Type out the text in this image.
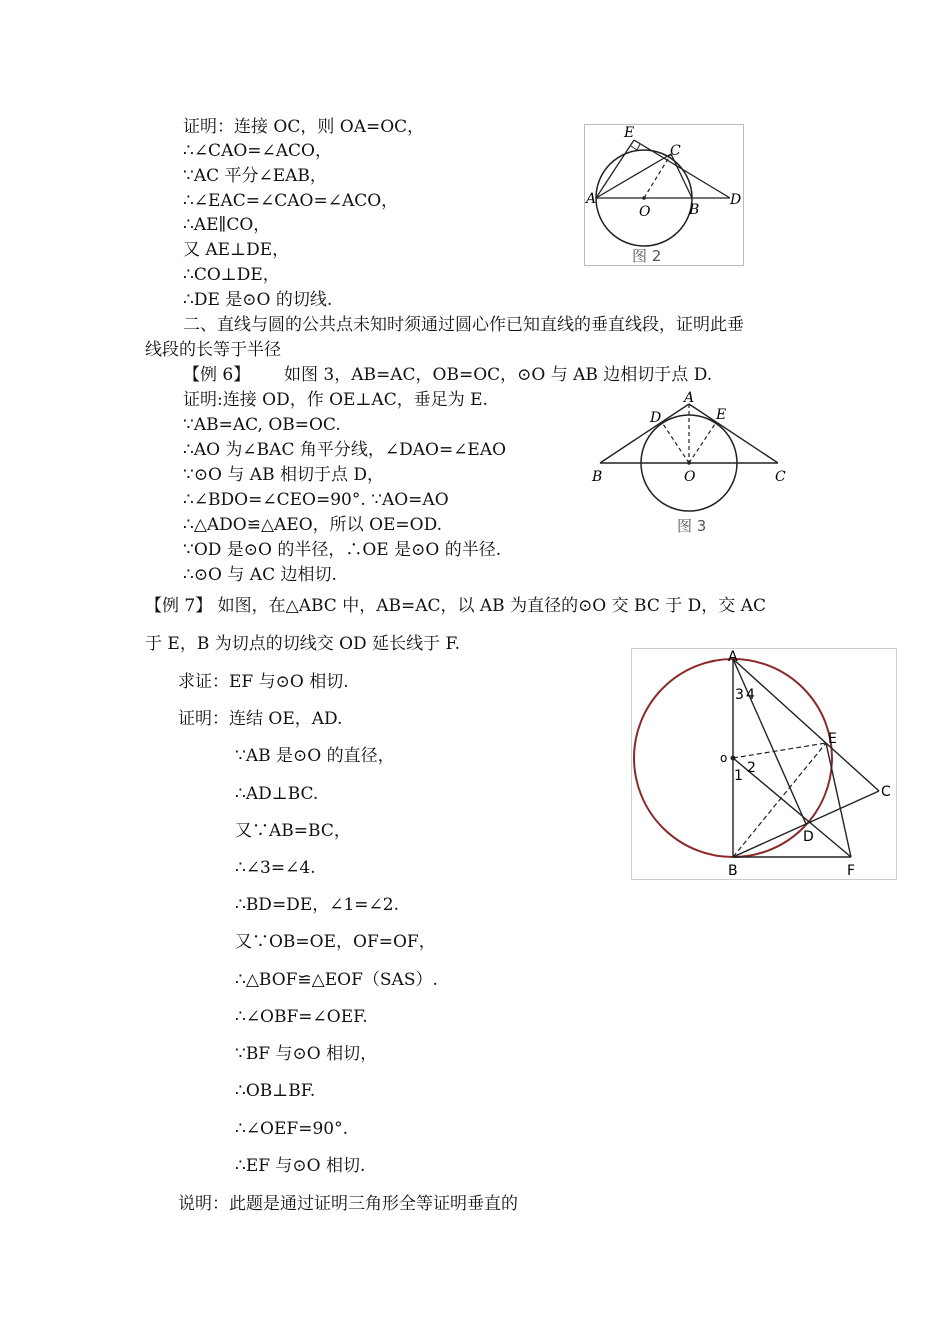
证明：连接 OC，则 OA=OC，
∴∠CAO=∠ACO，
∵AC 平分∠EAB，
∴∠EAC=∠CAO=∠ACO，
∴AE∥CO，
又 AE⊥DE，
∴CO⊥DE，
∴DE 是⊙O 的切线.
二、直线与圆的公共点未知时须通过圆心作已知直线的垂直线段，证明此垂
线段的长等于半径
E
C
A
O	B
D
图 2
【例 6】 如图 3，AB=AC，OB=OC，⊙O 与 AB 边相切于点 D.
证明:连接 OD，作 OE⊥AC，垂足为 E.
∵AB=AC, OB=OC.
∴AO 为∠BAC 角平分线，∠DAO=∠EAO
∵⊙O 与 AB 相切于点 D，
∴∠BDO=∠CEO=90°. ∵AO=AO
∴△ADO≌△AEO，所以 OE=OD.
∵OD 是⊙O 的半径，∴OE 是⊙O 的半径.
∴⊙O 与 AC 边相切.
A
D	E
B	O	C
图 3
【例 7】 如图，在△ABC 中，AB=AC，以 AB 为直径的⊙O 交 BC 于 D，交 AC
于 E，B 为切点的切线交 OD 延长线于 F.
求证：EF 与⊙O 相切.
证明：连结 OE，AD.
∵AB 是⊙O 的直径，
∴AD⊥BC.
又∵AB=BC，
∴∠3=∠4.
∴BD=DE，∠1=∠2.
又∵OB=OE，OF=OF，
∴△BOF≌△EOF（SAS）.
∴∠OBF=∠OEF.
∵BF 与⊙O 相切，
∴OB⊥BF.
∴∠OEF=90°.
∴EF 与⊙O 相切.
说明：此题是通过证明三角形全等证明垂直的
A
E
C
D
B	F
o
1 2
3 4
